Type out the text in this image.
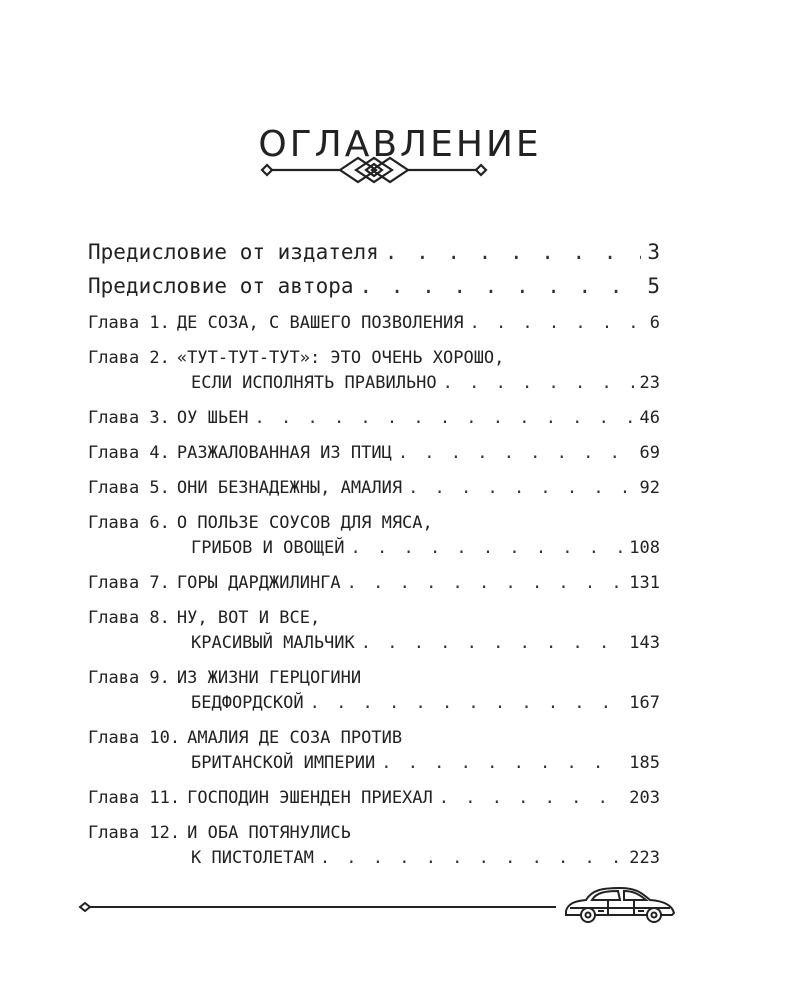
ОГЛАВЛЕНИЕ
Предисловие от издателя . . .	3
Предисловие от автора . . .	5
Глава 1. ДЕ СОЗА, С ВАШЕГО ПОЗВОЛЕНИЯ . . .	6
Глава 2. «ТУТ-ТУТ-ТУТ»: ЭТО ОЧЕНЬ ХОРОШО,
ЕСЛИ ИСПОЛНЯТЬ ПРАВИЛЬНО . . .	23
Глава 3. ОУ ШЬЕН . . .	46
Глава 4. РАЗЖАЛОВАННАЯ ИЗ ПТИЦ . . .	69
Глава 5. ОНИ БЕЗНАДЕЖНЫ, АМАЛИЯ . . .	92
Глава 6. О ПОЛЬЗЕ СОУСОВ ДЛЯ МЯСА,
ГРИБОВ И ОВОЩЕЙ . . .	108
Глава 7. ГОРЫ ДАРДЖИЛИНГА . . .	131
Глава 8. НУ, ВОТ И ВСЕ,
КРАСИВЫЙ МАЛЬЧИК . . .	143
Глава 9. ИЗ ЖИЗНИ ГЕРЦОГИНИ
БЕДФОРДСКОЙ . . .	167
Глава 10. АМАЛИЯ ДЕ СОЗА ПРОТИВ
БРИТАНСКОЙ ИМПЕРИИ . . .	185
Глава 11. ГОСПОДИН ЭШЕНДЕН ПРИЕХАЛ . . .	203
Глава 12. И ОБА ПОТЯНУЛИСЬ
К ПИСТОЛЕТАМ . . .	223
